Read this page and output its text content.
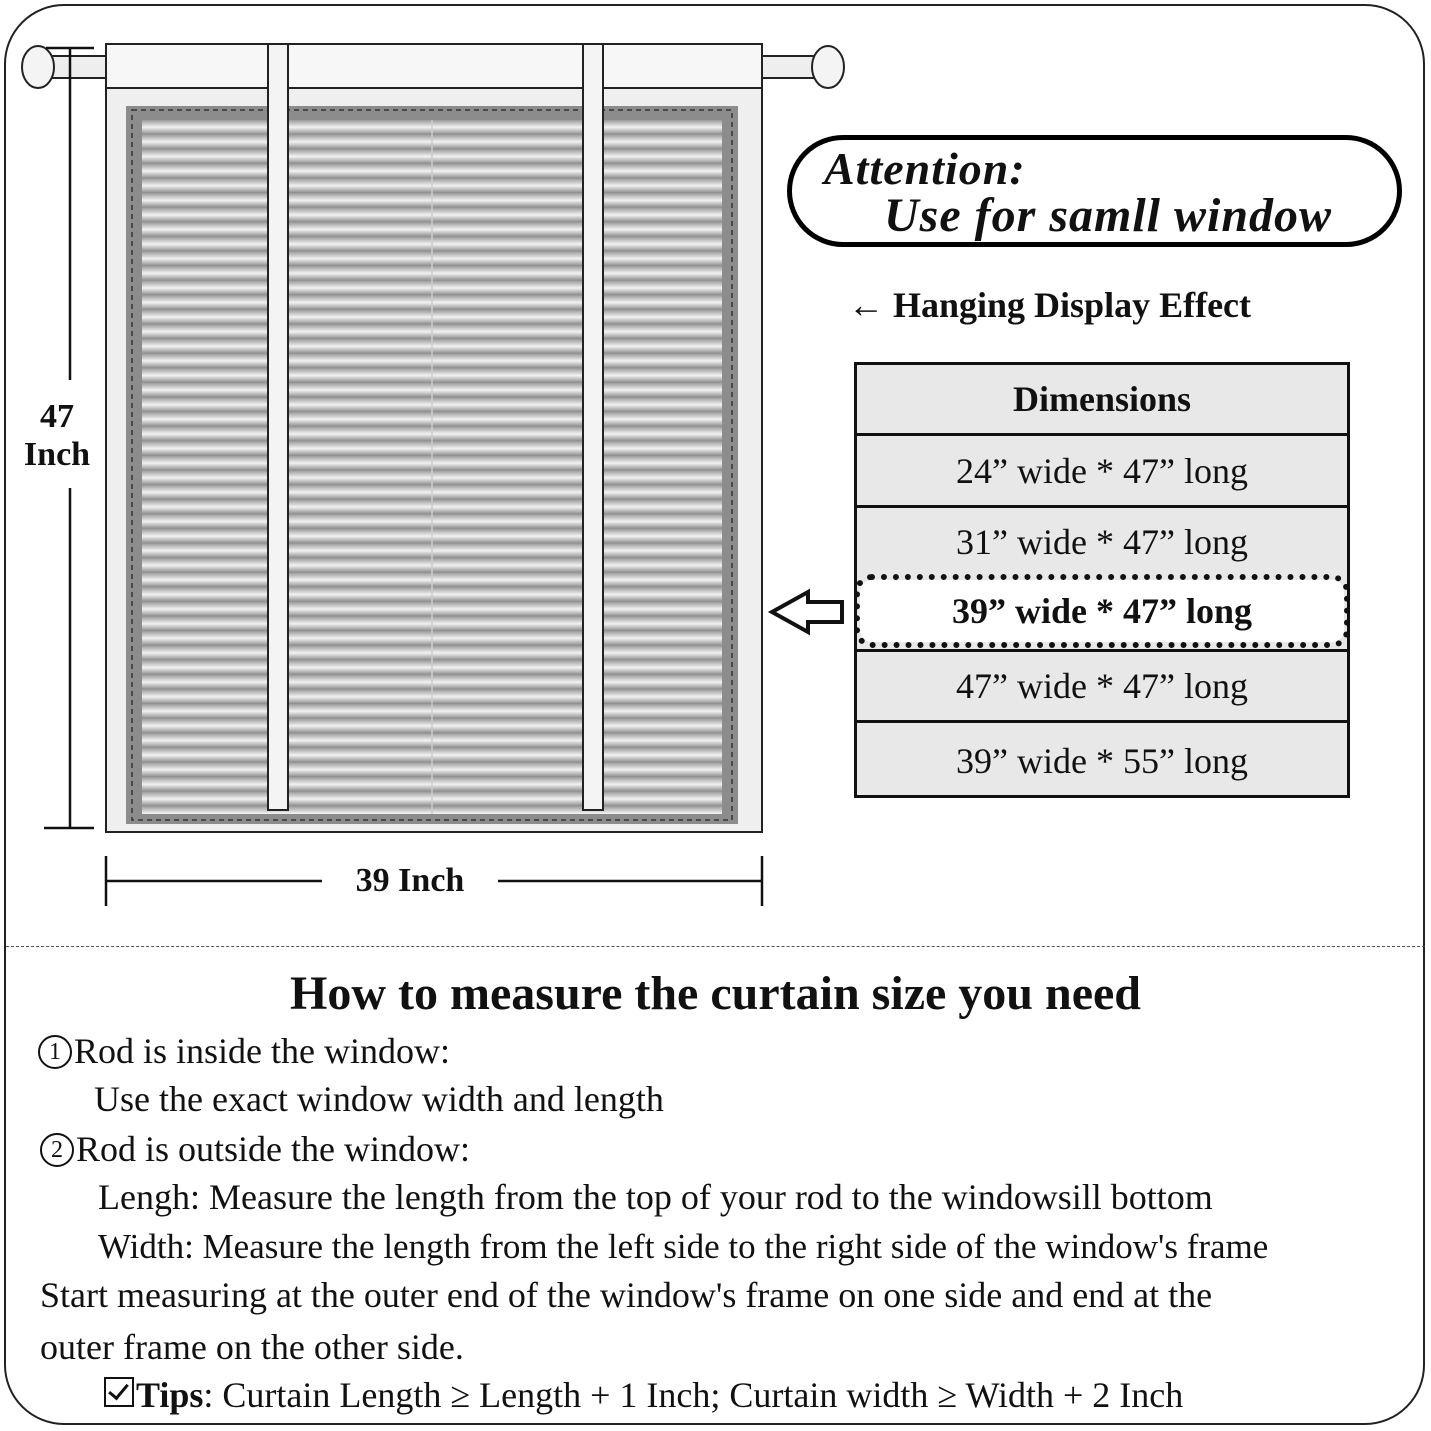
47
Inch
39 Inch
Attention:
Use for samll window
← Hanging Display Effect
Dimensions
24” wide * 47” long
31” wide * 47” long
47” wide * 47” long
39” wide * 55” long
39” wide * 47” long
How to measure the curtain size you need
1 Rod is inside the window:
Use the exact window width and length
2 Rod is outside the window:
Lengh: Measure the length from the top of your rod to the windowsill bottom
Width: Measure the length from the left side to the right side of the window's frame
Start measuring at the outer end of the window's frame on one side and end at the
outer frame on the other side.
Tips: Curtain Length ≥ Length + 1 Inch; Curtain width ≥ Width + 2 Inch
